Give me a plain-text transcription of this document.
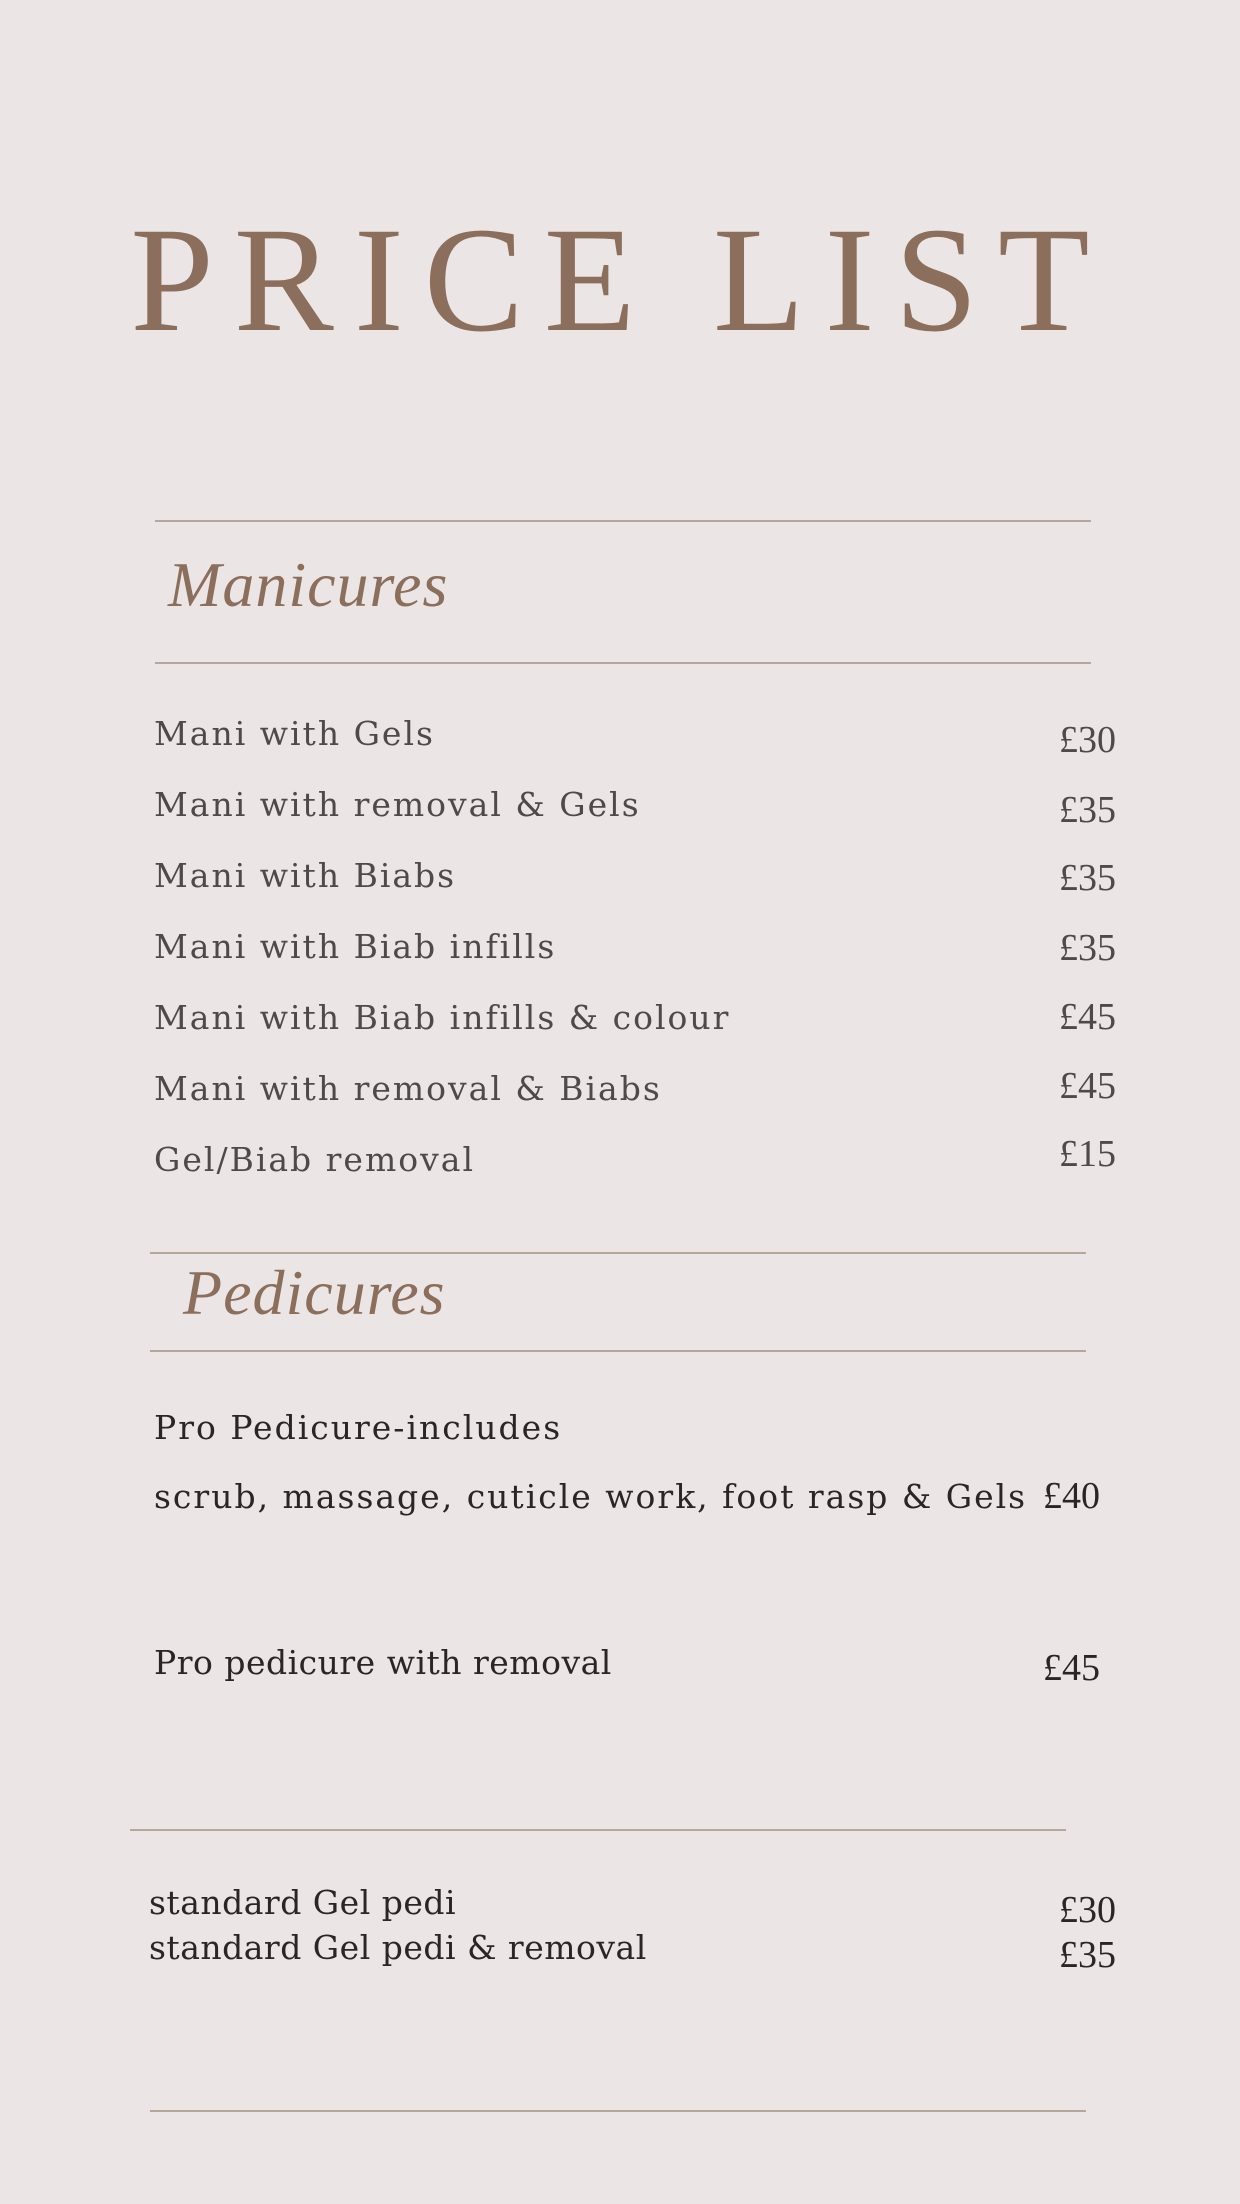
PRICE LIST
Manicures
Mani with Gels	£30
Mani with removal & Gels	£35
Mani with Biabs	£35
Mani with Biab infills	£35
Mani with Biab infills & colour	£45
Mani with removal & Biabs	£45
Gel/Biab removal	£15
Pedicures
Pro Pedicure-includes
scrub, massage, cuticle work, foot rasp & Gels £40
Pro pedicure with removal	£45
standard Gel pedi	£30
standard Gel pedi & removal	£35
